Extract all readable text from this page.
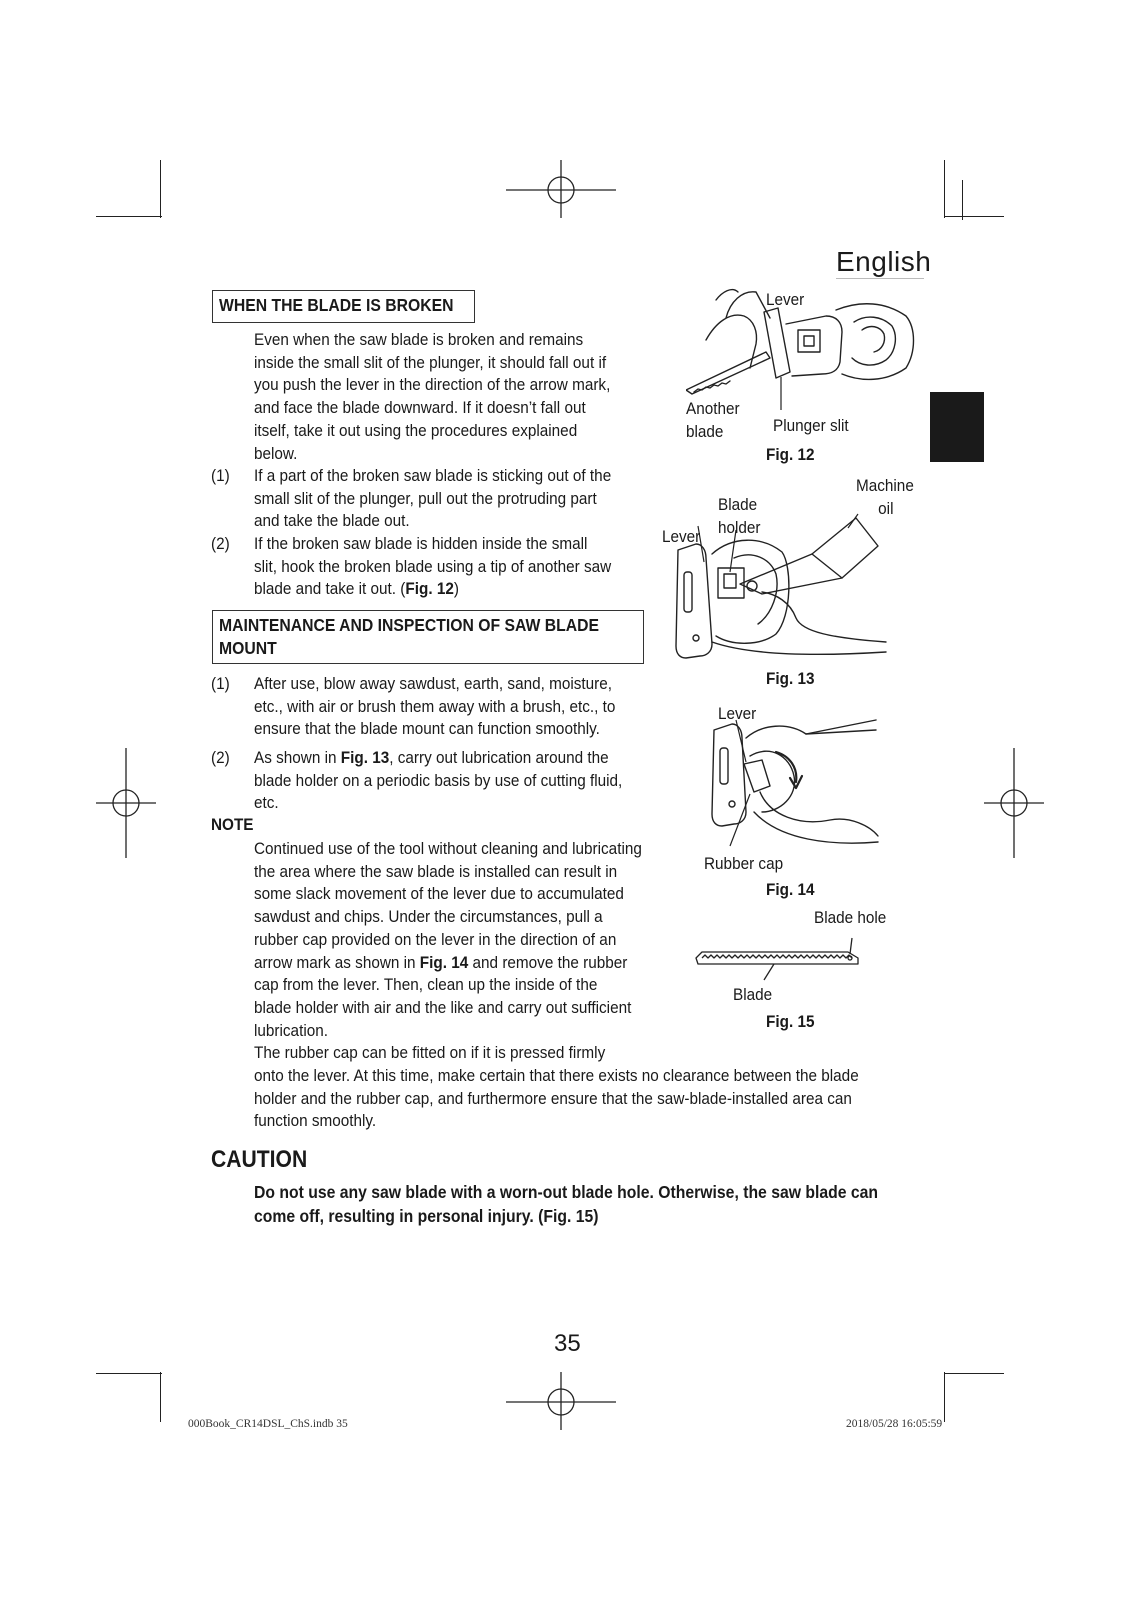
English
WHEN THE BLADE IS BROKEN
Even when the saw blade is broken and remains
inside the small slit of the plunger, it should fall out if
you push the lever in the direction of the arrow mark,
and face the blade downward. If it doesn’t fall out
itself, take it out using the procedures explained
below.
(1) If a part of the broken saw blade is sticking out of the
small slit of the plunger, pull out the protruding part
and take the blade out.
(2) If the broken saw blade is hidden inside the small
slit, hook the broken blade using a tip of another saw
blade and take it out. (Fig. 12)
MAINTENANCE AND INSPECTION OF SAW BLADE
MOUNT
(1) After use, blow away sawdust, earth, sand, moisture,
etc., with air or brush them away with a brush, etc., to
ensure that the blade mount can function smoothly.
(2) As shown in Fig. 13, carry out lubrication around the
blade holder on a periodic basis by use of cutting fluid,
etc.
NOTE
Continued use of the tool without cleaning and lubricating
the area where the saw blade is installed can result in
some slack movement of the lever due to accumulated
sawdust and chips. Under the circumstances, pull a
rubber cap provided on the lever in the direction of an
arrow mark as shown in Fig. 14 and remove the rubber
cap from the lever. Then, clean up the inside of the
blade holder with air and the like and carry out sufficient
lubrication.
The rubber cap can be fitted on if it is pressed firmly
onto the lever. At this time, make certain that there exists no clearance between the blade
holder and the rubber cap, and furthermore ensure that the saw-blade-installed area can
function smoothly.
CAUTION
Do not use any saw blade with a worn-out blade hole. Otherwise, the saw blade can
come off, resulting in personal injury. (Fig. 15)
Lever
Another
blade	Plunger slit
Fig. 12
Machine
oil
Blade
holder
Lever
Fig. 13
Lever
Rubber cap
Fig. 14
Blade hole
Blade
Fig. 15
35
000Book_CR14DSL_ChS.indb 35	2018/05/28 16:05:59
